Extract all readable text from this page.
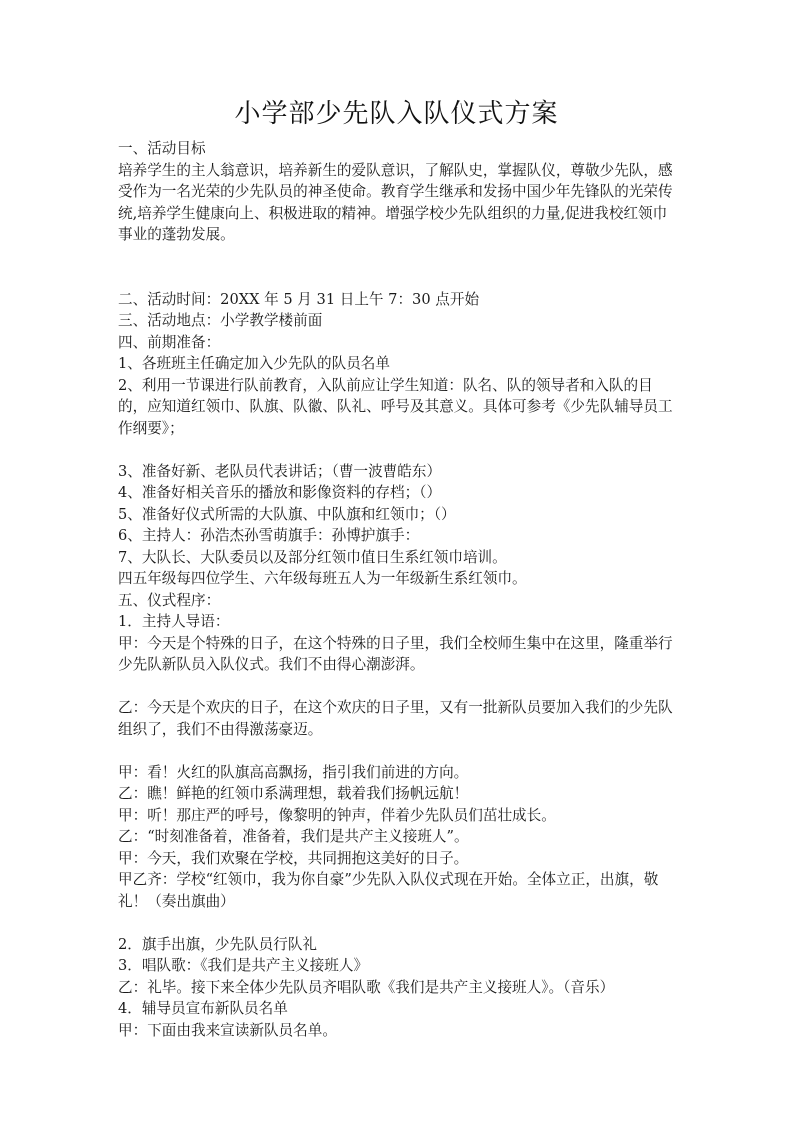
小学部少先队入队仪式方案

一、活动目标

培养学生的主人翁意识，培养新生的爱队意识，了解队史，掌握队仪，尊敬少先队，感受作为一名光荣的少先队员的神圣使命。教育学生继承和发扬中国少年先锋队的光荣传统,培养学生健康向上、积极进取的精神。增强学校少先队组织的力量,促进我校红领巾事业的蓬勃发展。

二、活动时间：20XX 年 5 月 31 日上午 7：30 点开始

三、活动地点：小学教学楼前面

四、前期准备：

1、各班班主任确定加入少先队的队员名单

2、利用一节课进行队前教育，入队前应让学生知道：队名、队的领导者和入队的目的，应知道红领巾、队旗、队徽、队礼、呼号及其意义。具体可参考《少先队辅导员工作纲要》；

3、准备好新、老队员代表讲话；（曹一波曹皓东）

4、准备好相关音乐的播放和影像资料的存档；（）

5、准备好仪式所需的大队旗、中队旗和红领巾；（）

6、主持人：孙浩杰孙雪萌旗手：孙博护旗手：

7、大队长、大队委员以及部分红领巾值日生系红领巾培训。

四五年级每四位学生、六年级每班五人为一年级新生系红领巾。

五、仪式程序：

1．主持人导语：

甲：今天是个特殊的日子，在这个特殊的日子里，我们全校师生集中在这里，隆重举行少先队新队员入队仪式。我们不由得心潮澎湃。

乙：今天是个欢庆的日子，在这个欢庆的日子里，又有一批新队员要加入我们的少先队组织了，我们不由得激荡豪迈。

甲：看！火红的队旗高高飘扬，指引我们前进的方向。

乙：瞧！鲜艳的红领巾系满理想，载着我们扬帆远航！

甲：听！那庄严的呼号，像黎明的钟声，伴着少先队员们茁壮成长。

乙：“时刻准备着，准备着，我们是共产主义接班人”。

甲：今天，我们欢聚在学校，共同拥抱这美好的日子。

甲乙齐：学校“红领巾，我为你自豪”少先队入队仪式现在开始。全体立正，出旗，敬礼！（奏出旗曲）

2．旗手出旗，少先队员行队礼

3．唱队歌：《我们是共产主义接班人》

乙：礼毕。接下来全体少先队员齐唱队歌《我们是共产主义接班人》。（音乐）

4．辅导员宣布新队员名单

甲：下面由我来宣读新队员名单。
